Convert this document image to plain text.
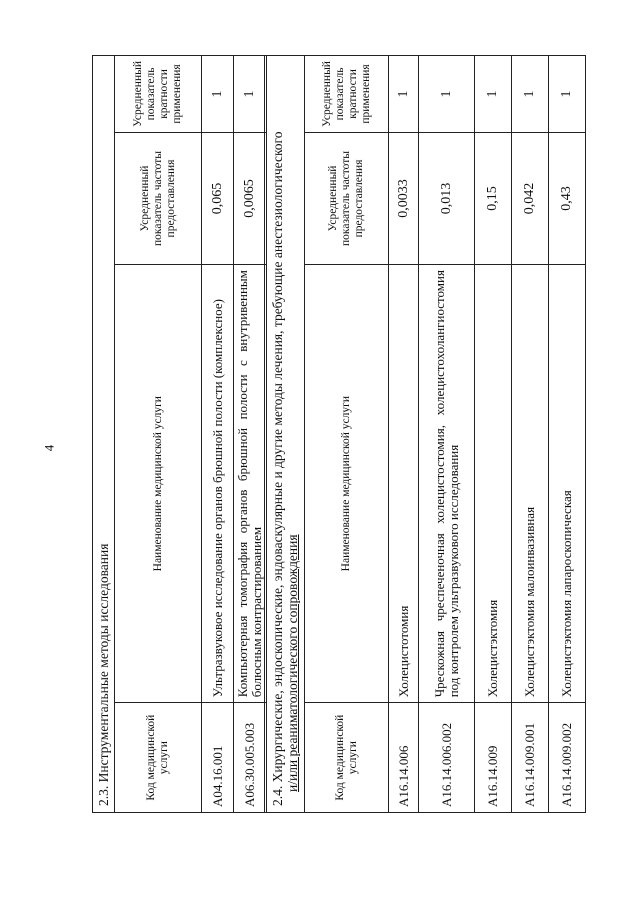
4
2.3. Инструментальные методы исследования			
Код медицинской услуги	Наименование медицинской услуги	Усредненный показатель частоты предоставления	Усредненный показатель кратности применения
A04.16.001	Ультразвуковое исследование органов брюшной полости (комплексное)	0,065	1
A06.30.005.003	Компьютерная томография органов брюшной полости с внутривенным болюсным контрастированием	0,0065	1
2.4. Хирургические, эндоскопические, эндоваскулярные и другие методы лечения, требующие анестезиологического и/или реаниматологического сопровождения			

Код медицинской услуги	Наименование медицинской услуги	Усредненный показатель частоты предоставления	Усредненный показатель кратности применения
A16.14.006	Холецистотомия	0,0033	1
A16.14.006.002	Чрескожная чреспеченочная холецистостомия, холецистохолангиостомия под контролем ультразвукового исследования	0,013	1
A16.14.009	Холецистэктомия	0,15	1
A16.14.009.001	Холецистэктомия малоинвазивная	0,042	1
A16.14.009.002	Холецистэктомия лапароскопическая	0,43	1
